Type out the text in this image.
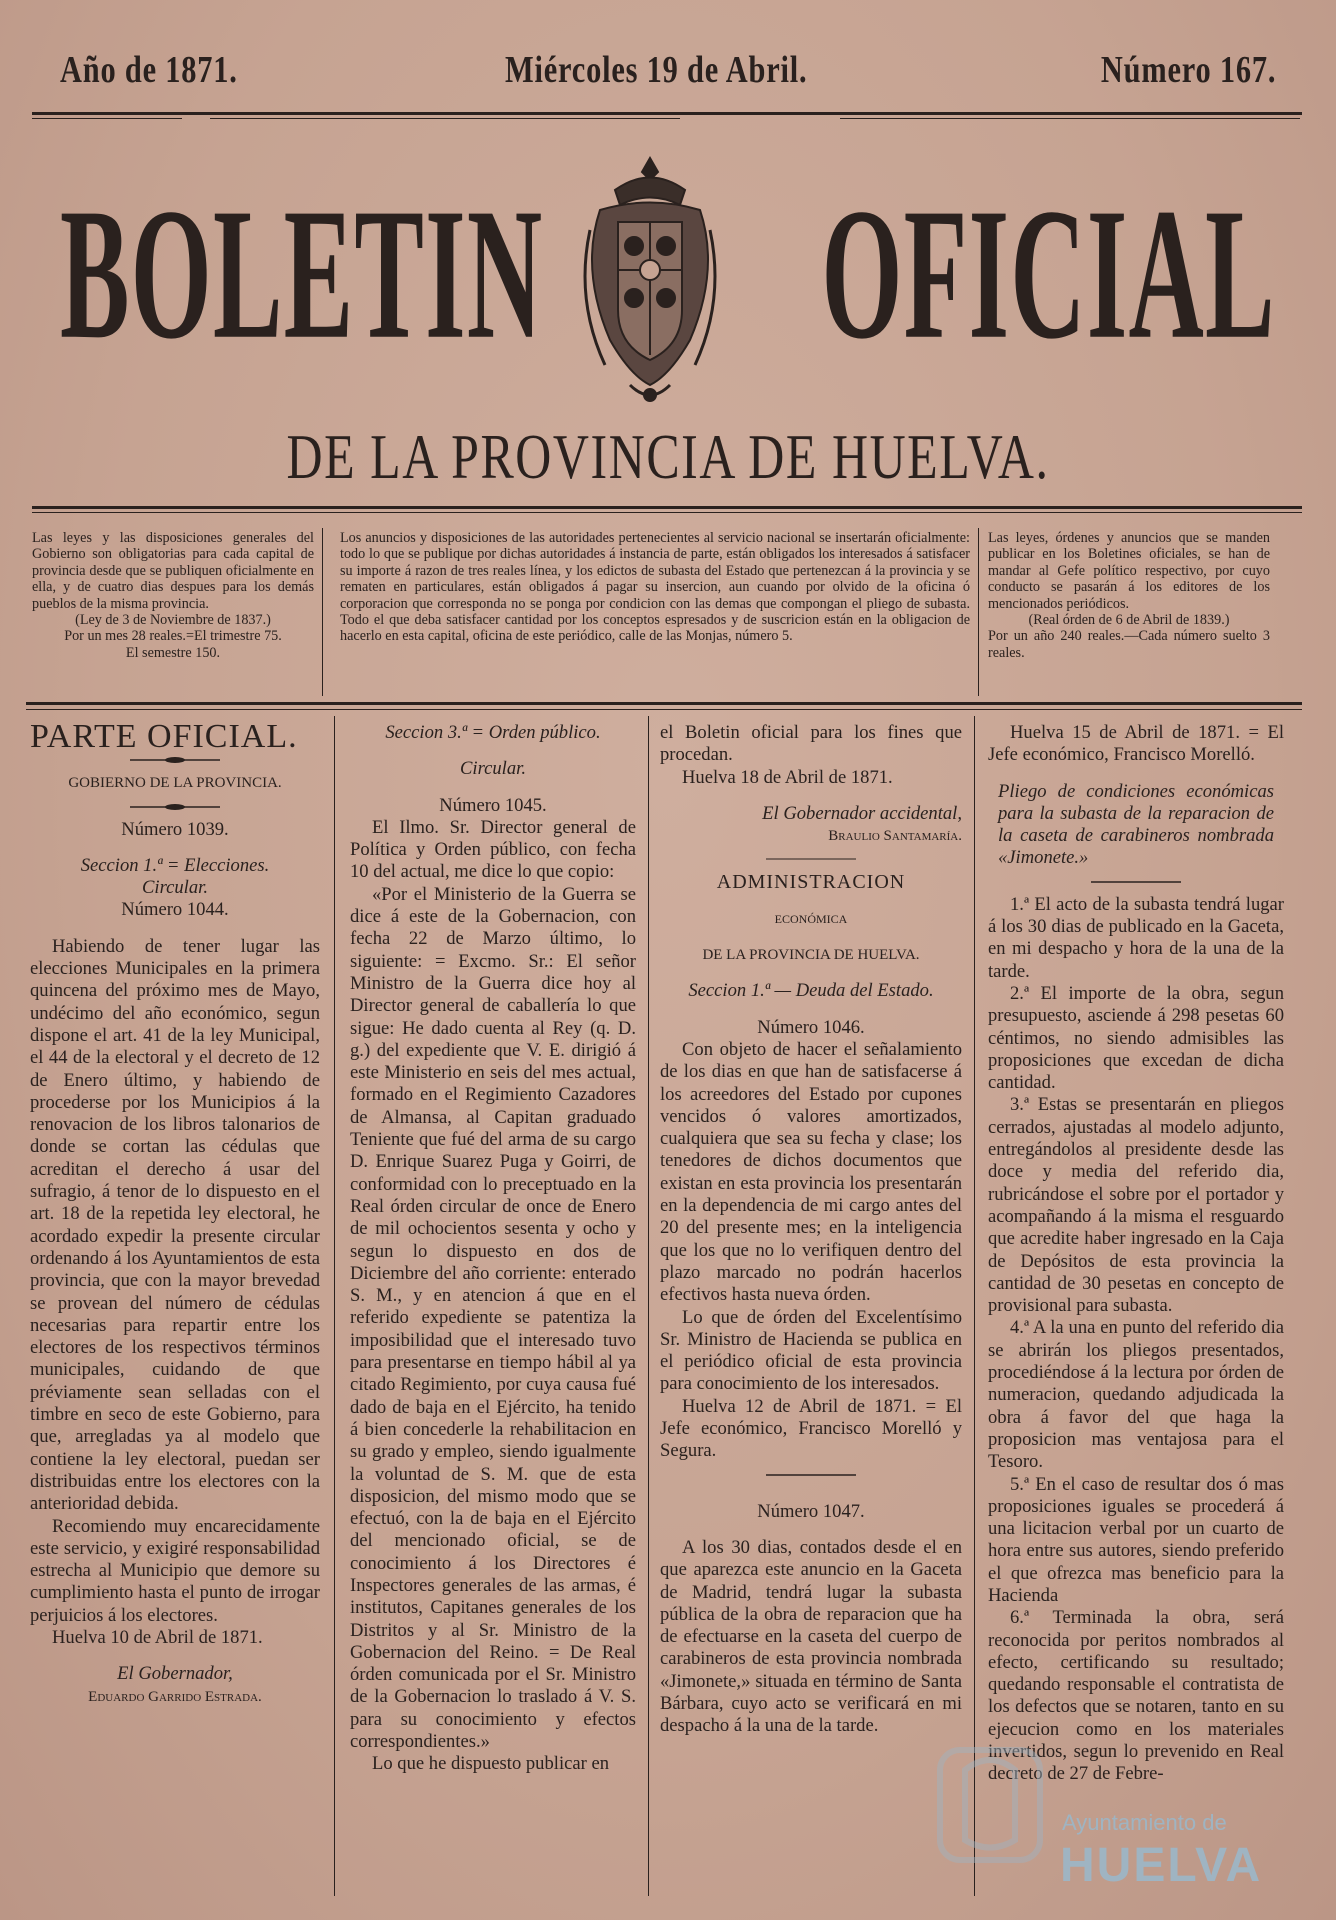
Año de 1871.	Miércoles 19 de Abril.	Número 167.
BOLETIN OFICIAL
DE LA PROVINCIA DE HUELVA.

Las leyes y las disposiciones generales del Gobierno son obligatorias para cada capital de provincia desde que se publiquen oficialmente en ella, y de cuatro dias despues para los demás pueblos de la misma provincia.

(Ley de 3 de Noviembre de 1837.)

Por un mes 28 reales.=El trimestre 75.

El semestre 150.

Los anuncios y disposiciones de las autoridades pertenecientes al servicio nacional se insertarán oficialmente: todo lo que se publique por dichas autoridades á instancia de parte, están obligados los interesados á satisfacer su importe á razon de tres reales línea, y los edictos de subasta del Estado que pertenezcan á la provincia y se rematen en particulares, están obligados á pagar su insercion, aun cuando por olvido de la oficina ó corporacion que corresponda no se ponga por condicion con las demas que compongan el pliego de subasta. Todo el que deba satisfacer cantidad por los conceptos espresados y de suscricion están en la obligacion de hacerlo en esta capital, oficina de este periódico, calle de las Monjas, número 5.

Las leyes, órdenes y anuncios que se manden publicar en los Boletines oficiales, se han de mandar al Gefe político respectivo, por cuyo conducto se pasarán á los editores de los mencionados periódicos.

(Real órden de 6 de Abril de 1839.)

Por un año 240 reales.—Cada número suelto 3 reales.

PARTE OFICIAL.

GOBIERNO DE LA PROVINCIA.

Número 1039.

Seccion 1.ª = Elecciones.

Circular.

Número 1044.

Habiendo de tener lugar las elecciones Municipales en la primera quincena del próximo mes de Mayo, undécimo del año económico, segun dispone el art. 41 de la ley Municipal, el 44 de la electoral y el decreto de 12 de Enero último, y habiendo de procederse por los Municipios á la renovacion de los libros talonarios de donde se cortan las cédulas que acreditan el derecho á usar del sufragio, á tenor de lo dispuesto en el art. 18 de la repetida ley electoral, he acordado expedir la presente circular ordenando á los Ayuntamientos de esta provincia, que con la mayor brevedad se provean del número de cédulas necesarias para repartir entre los electores de los respectivos términos municipales, cuidando de que préviamente sean selladas con el timbre en seco de este Gobierno, para que, arregladas ya al modelo que contiene la ley electoral, puedan ser distribuidas entre los electores con la anterioridad debida.

Recomiendo muy encarecidamente este servicio, y exigiré responsabilidad estrecha al Municipio que demore su cumplimiento hasta el punto de irrogar perjuicios á los electores.

Huelva 10 de Abril de 1871.

El Gobernador,

Eduardo Garrido Estrada.

Seccion 3.ª = Orden público.

Circular.

Número 1045.

El Ilmo. Sr. Director general de Política y Orden público, con fecha 10 del actual, me dice lo que copio:

«Por el Ministerio de la Guerra se dice á este de la Gobernacion, con fecha 22 de Marzo último, lo siguiente: = Excmo. Sr.: El señor Ministro de la Guerra dice hoy al Director general de caballería lo que sigue: He dado cuenta al Rey (q. D. g.) del expediente que V. E. dirigió á este Ministerio en seis del mes actual, formado en el Regimiento Cazadores de Almansa, al Capitan graduado Teniente que fué del arma de su cargo D. Enrique Suarez Puga y Goirri, de conformidad con lo preceptuado en la Real órden circular de once de Enero de mil ochocientos sesenta y ocho y segun lo dispuesto en dos de Diciembre del año corriente: enterado S. M., y en atencion á que en el referido expediente se patentiza la imposibilidad que el interesado tuvo para presentarse en tiempo hábil al ya citado Regimiento, por cuya causa fué dado de baja en el Ejército, ha tenido á bien concederle la rehabilitacion en su grado y empleo, siendo igualmente la voluntad de S. M. que de esta disposicion, del mismo modo que se efectuó, con la de baja en el Ejército del mencionado oficial, se de conocimiento á los Directores é Inspectores generales de las armas, é institutos, Capitanes generales de los Distritos y al Sr. Ministro de la Gobernacion del Reino. = De Real órden comunicada por el Sr. Ministro de la Gobernacion lo traslado á V. S. para su conocimiento y efectos correspondientes.»

Lo que he dispuesto publicar en

el Boletin oficial para los fines que procedan.

Huelva 18 de Abril de 1871.

El Gobernador accidental,

Braulio Santamaría.

ADMINISTRACION

ECONÓMICA

DE LA PROVINCIA DE HUELVA.

Seccion 1.ª — Deuda del Estado.

Número 1046.

Con objeto de hacer el señalamiento de los dias en que han de satisfacerse á los acreedores del Estado por cupones vencidos ó valores amortizados, cualquiera que sea su fecha y clase; los tenedores de dichos documentos que existan en esta provincia los presentarán en la dependencia de mi cargo antes del 20 del presente mes; en la inteligencia que los que no lo verifiquen dentro del plazo marcado no podrán hacerlos efectivos hasta nueva órden.

Lo que de órden del Excelentísimo Sr. Ministro de Hacienda se publica en el periódico oficial de esta provincia para conocimiento de los interesados.

Huelva 12 de Abril de 1871. = El Jefe económico, Francisco Morelló y Segura.

Número 1047.

A los 30 dias, contados desde el en que aparezca este anuncio en la Gaceta de Madrid, tendrá lugar la subasta pública de la obra de reparacion que ha de efectuarse en la caseta del cuerpo de carabineros de esta provincia nombrada «Jimonete,» situada en término de Santa Bárbara, cuyo acto se verificará en mi despacho á la una de la tarde.

Huelva 15 de Abril de 1871. = El Jefe económico, Francisco Morelló.

Pliego de condiciones económicas para la subasta de la reparacion de la caseta de carabineros nombrada «Jimonete.»

1.ª El acto de la subasta tendrá lugar á los 30 dias de publicado en la Gaceta, en mi despacho y hora de la una de la tarde.

2.ª El importe de la obra, segun presupuesto, asciende á 298 pesetas 60 céntimos, no siendo admisibles las proposiciones que excedan de dicha cantidad.

3.ª Estas se presentarán en pliegos cerrados, ajustadas al modelo adjunto, entregándolos al presidente desde las doce y media del referido dia, rubricándose el sobre por el portador y acompañando á la misma el resguardo que acredite haber ingresado en la Caja de Depósitos de esta provincia la cantidad de 30 pesetas en concepto de provisional para subasta.

4.ª A la una en punto del referido dia se abrirán los pliegos presentados, procediéndose á la lectura por órden de numeracion, quedando adjudicada la obra á favor del que haga la proposicion mas ventajosa para el Tesoro.

5.ª En el caso de resultar dos ó mas proposiciones iguales se procederá á una licitacion verbal por un cuarto de hora entre sus autores, siendo preferido el que ofrezca mas beneficio para la Hacienda

6.ª Terminada la obra, será reconocida por peritos nombrados al efecto, certificando su resultado; quedando responsable el contratista de los defectos que se notaren, tanto en su ejecucion como en los materiales invertidos, segun lo prevenido en Real decreto de 27 de Febre-

Ayuntamiento de
HUELVA
